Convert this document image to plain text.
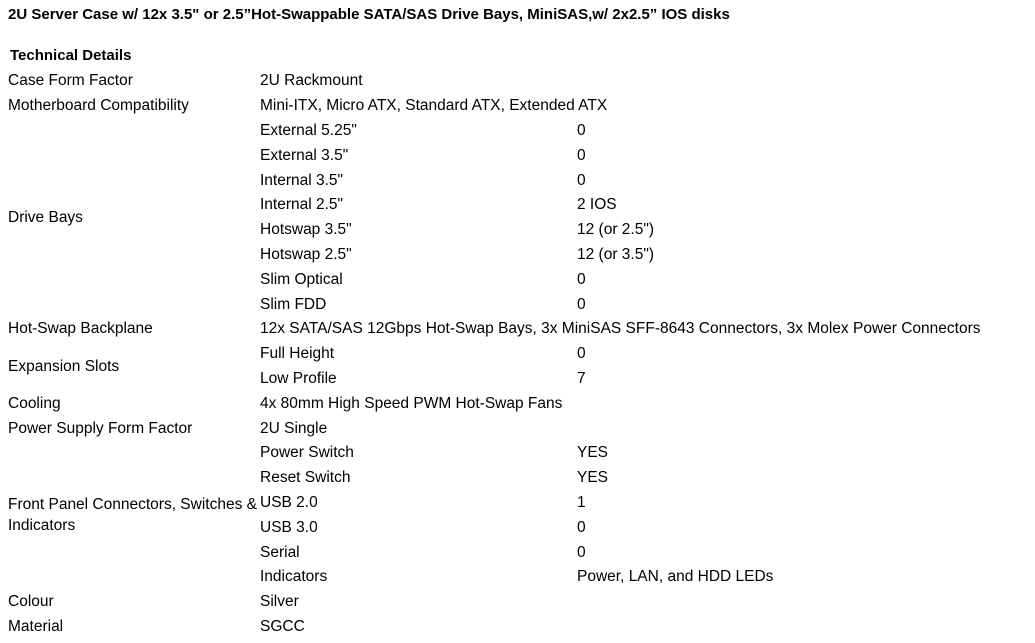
2U Server Case w/ 12x 3.5" or 2.5”Hot-Swappable SATA/SAS Drive Bays, MiniSAS,w/ 2x2.5” IOS disks
Technical Details
Case Form Factor	2U Rackmount	
Motherboard Compatibility	Mini-ITX, Micro ATX, Standard ATX, Extended ATX	
Drive Bays	External 5.25"	0
	External 3.5"	0
	Internal 3.5"	0
	Internal 2.5"	2 IOS
	Hotswap 3.5"	12 (or 2.5")
	Hotswap 2.5"	12 (or 3.5")
	Slim Optical	0
	Slim FDD	0
Hot-Swap Backplane	12x SATA/SAS 12Gbps Hot-Swap Bays, 3x MiniSAS SFF-8643 Connectors, 3x Molex Power Connectors	
Expansion Slots	Full Height	0
	Low Profile	7
Cooling	4x 80mm High Speed PWM Hot-Swap Fans	
Power Supply Form Factor	2U Single	
Front Panel Connectors, Switches & Indicators	Power Switch	YES
	Reset Switch	YES
	USB 2.0	1
	USB 3.0	0
	Serial	0
	Indicators	Power, LAN, and HDD LEDs
Colour	Silver	
Material	SGCC	
